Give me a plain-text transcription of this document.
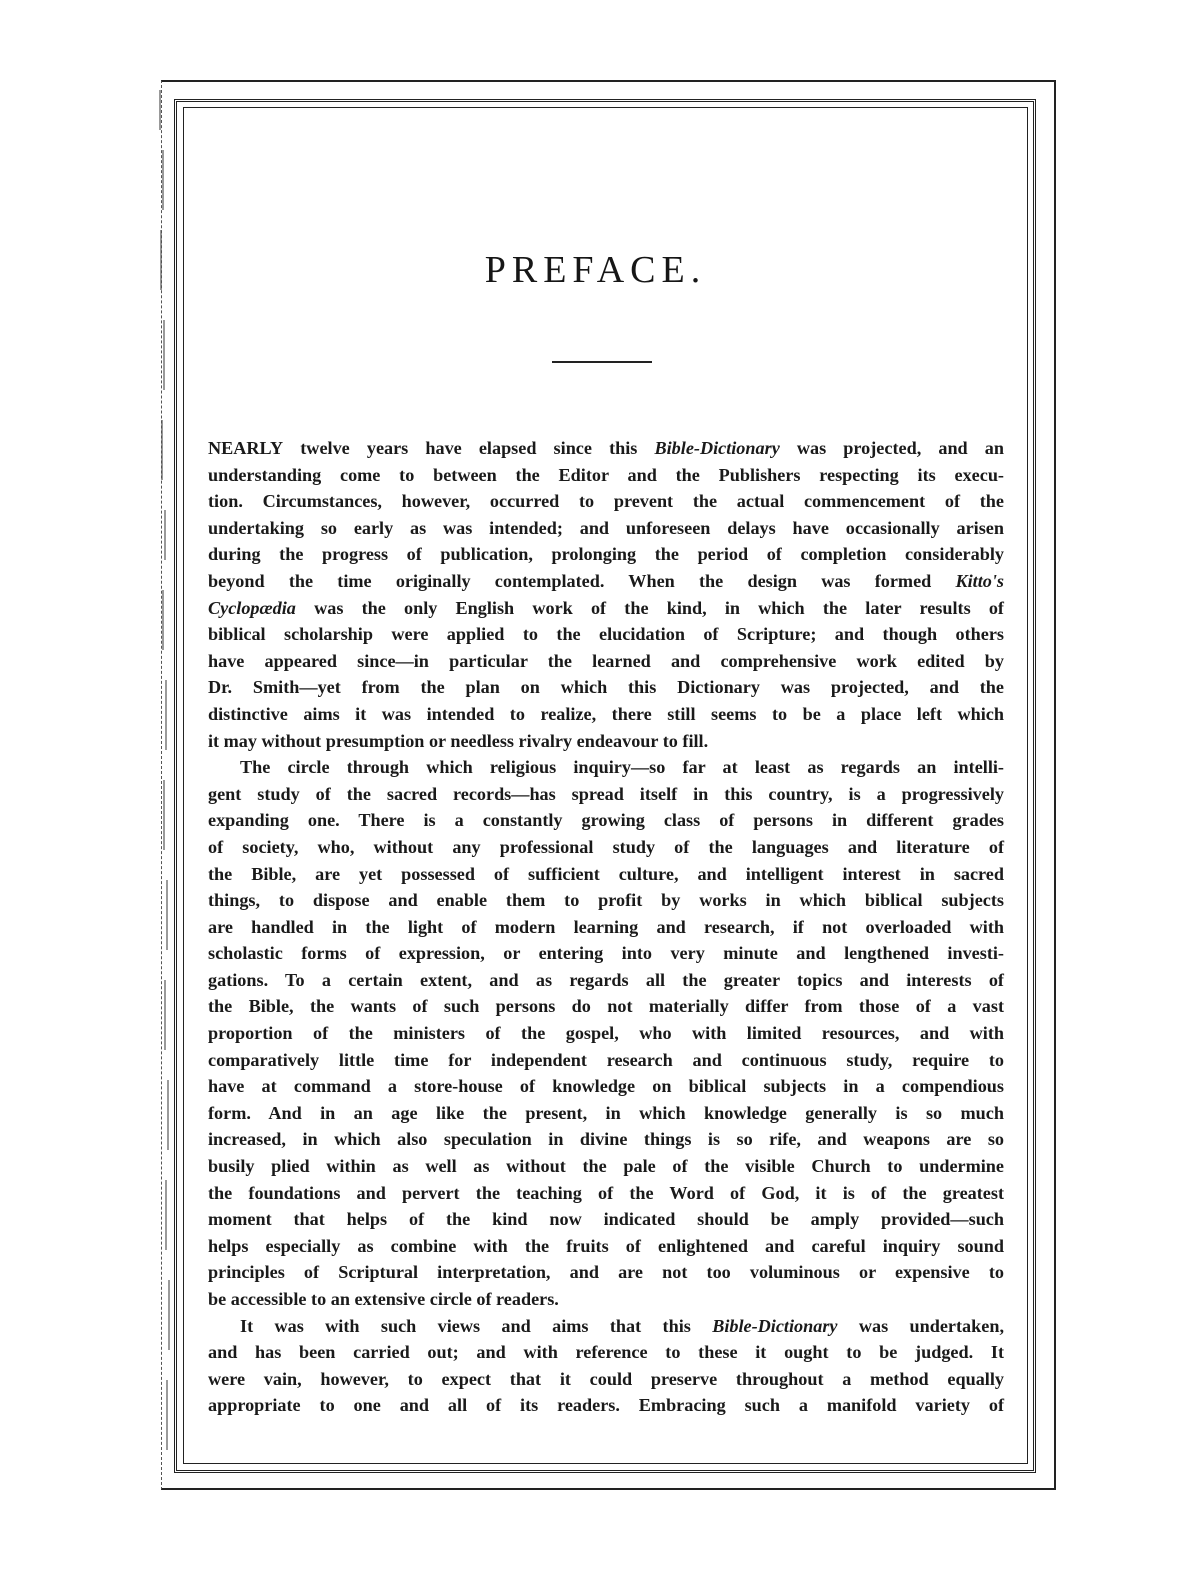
PREFACE.

NEARLY twelve years have elapsed since this Bible-Dictionary was projected, and an
understanding come to between the Editor and the Publishers respecting its execu-
tion. Circumstances, however, occurred to prevent the actual commencement of the
undertaking so early as was intended; and unforeseen delays have occasionally arisen
during the progress of publication, prolonging the period of completion considerably
beyond the time originally contemplated. When the design was formed Kitto's
Cyclopædia was the only English work of the kind, in which the later results of
biblical scholarship were applied to the elucidation of Scripture; and though others
have appeared since—in particular the learned and comprehensive work edited by
Dr. Smith—yet from the plan on which this Dictionary was projected, and the
distinctive aims it was intended to realize, there still seems to be a place left which
it may without presumption or needless rivalry endeavour to fill.

The circle through which religious inquiry—so far at least as regards an intelli-
gent study of the sacred records—has spread itself in this country, is a progressively
expanding one. There is a constantly growing class of persons in different grades
of society, who, without any professional study of the languages and literature of
the Bible, are yet possessed of sufficient culture, and intelligent interest in sacred
things, to dispose and enable them to profit by works in which biblical subjects
are handled in the light of modern learning and research, if not overloaded with
scholastic forms of expression, or entering into very minute and lengthened investi-
gations. To a certain extent, and as regards all the greater topics and interests of
the Bible, the wants of such persons do not materially differ from those of a vast
proportion of the ministers of the gospel, who with limited resources, and with
comparatively little time for independent research and continuous study, require to
have at command a store-house of knowledge on biblical subjects in a compendious
form. And in an age like the present, in which knowledge generally is so much
increased, in which also speculation in divine things is so rife, and weapons are so
busily plied within as well as without the pale of the visible Church to undermine
the foundations and pervert the teaching of the Word of God, it is of the greatest
moment that helps of the kind now indicated should be amply provided—such
helps especially as combine with the fruits of enlightened and careful inquiry sound
principles of Scriptural interpretation, and are not too voluminous or expensive to
be accessible to an extensive circle of readers.

It was with such views and aims that this Bible-Dictionary was undertaken,
and has been carried out; and with reference to these it ought to be judged. It
were vain, however, to expect that it could preserve throughout a method equally
appropriate to one and all of its readers. Embracing such a manifold variety of
